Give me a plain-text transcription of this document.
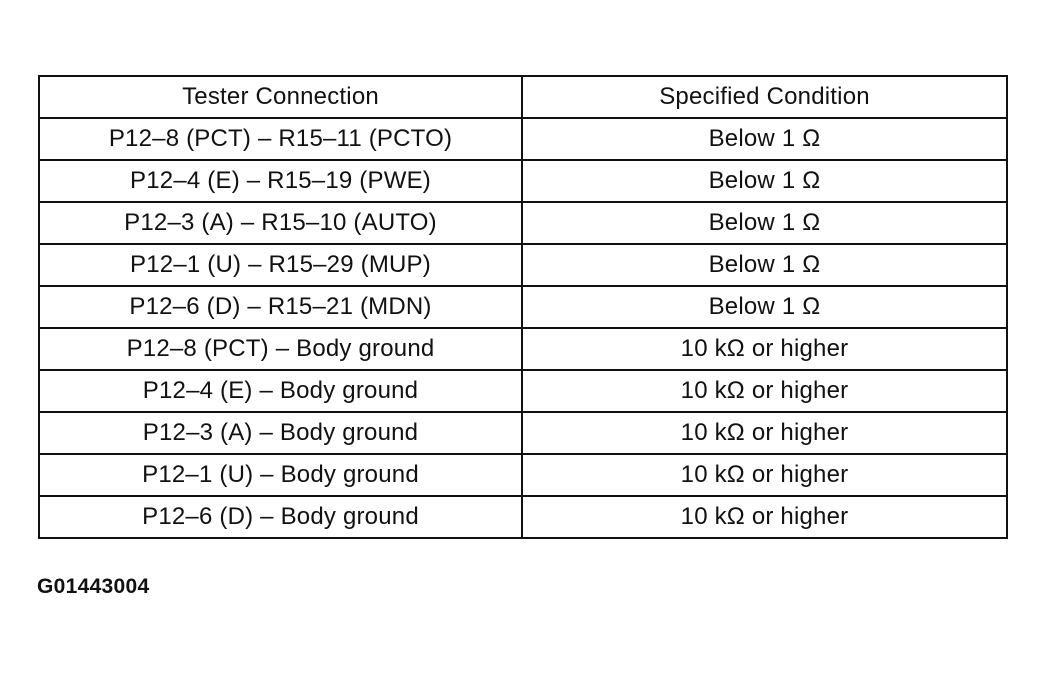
Tester Connection	Specified Condition
P12–8 (PCT) – R15–11 (PCTO)	Below 1 Ω
P12–4 (E) – R15–19 (PWE)	Below 1 Ω
P12–3 (A) – R15–10 (AUTO)	Below 1 Ω
P12–1 (U) – R15–29 (MUP)	Below 1 Ω
P12–6 (D) – R15–21 (MDN)	Below 1 Ω
P12–8 (PCT) – Body ground	10 kΩ or higher
P12–4 (E) – Body ground	10 kΩ or higher
P12–3 (A) – Body ground	10 kΩ or higher
P12–1 (U) – Body ground	10 kΩ or higher
P12–6 (D) – Body ground	10 kΩ or higher
G01443004
